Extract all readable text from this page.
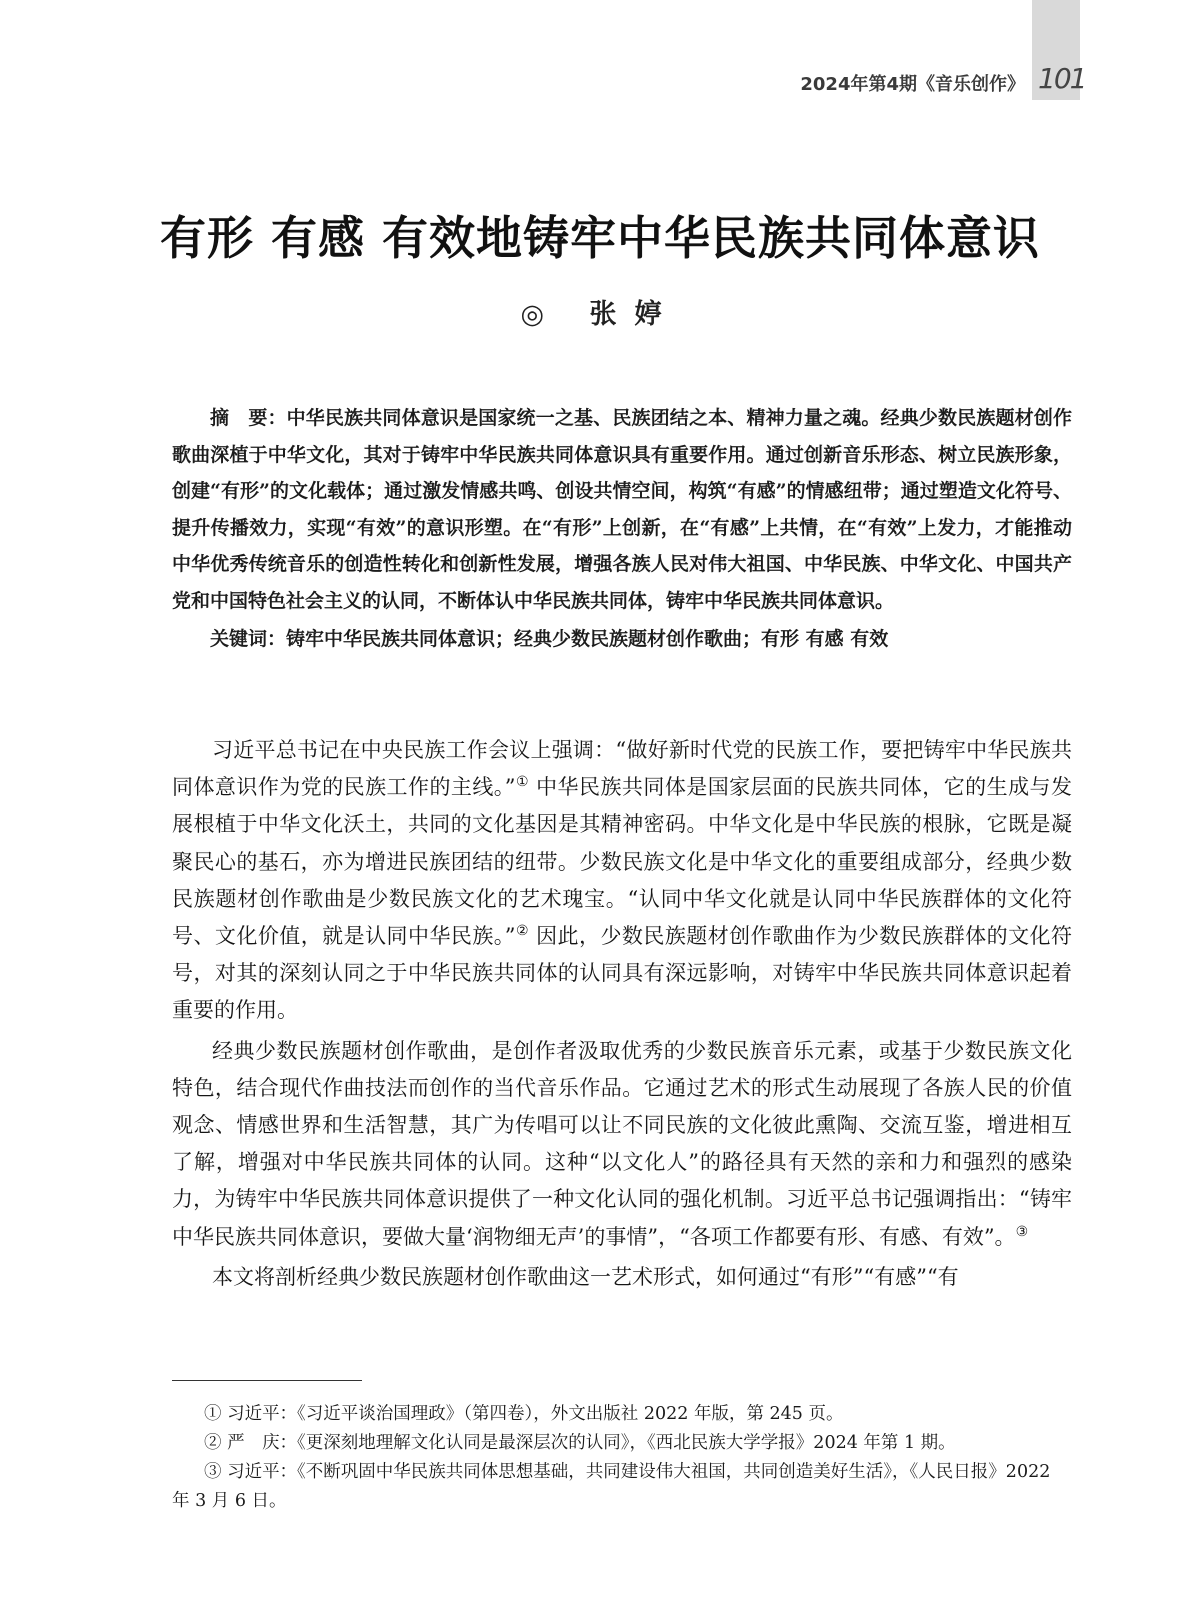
2024年第4期《音乐创作》 101
有形 有感 有效地铸牢中华民族共同体意识
◎ 张婷

摘　要：中华民族共同体意识是国家统一之基、民族团结之本、精神力量之魂。经典少数民族题材创作歌曲深植于中华文化，其对于铸牢中华民族共同体意识具有重要作用。通过创新音乐形态、树立民族形象，创建“有形”的文化载体；通过激发情感共鸣、创设共情空间，构筑“有感”的情感纽带；通过塑造文化符号、提升传播效力，实现“有效”的意识形塑。在“有形”上创新，在“有感”上共情，在“有效”上发力，才能推动中华优秀传统音乐的创造性转化和创新性发展，增强各族人民对伟大祖国、中华民族、中华文化、中国共产党和中国特色社会主义的认同，不断体认中华民族共同体，铸牢中华民族共同体意识。

关键词：铸牢中华民族共同体意识；经典少数民族题材创作歌曲；有形 有感 有效

习近平总书记在中央民族工作会议上强调：“做好新时代党的民族工作，要把铸牢中华民族共同体意识作为党的民族工作的主线。”① 中华民族共同体是国家层面的民族共同体，它的生成与发展根植于中华文化沃土，共同的文化基因是其精神密码。中华文化是中华民族的根脉，它既是凝聚民心的基石，亦为增进民族团结的纽带。少数民族文化是中华文化的重要组成部分，经典少数民族题材创作歌曲是少数民族文化的艺术瑰宝。“认同中华文化就是认同中华民族群体的文化符号、文化价值，就是认同中华民族。”② 因此，少数民族题材创作歌曲作为少数民族群体的文化符号，对其的深刻认同之于中华民族共同体的认同具有深远影响，对铸牢中华民族共同体意识起着重要的作用。

经典少数民族题材创作歌曲，是创作者汲取优秀的少数民族音乐元素，或基于少数民族文化特色，结合现代作曲技法而创作的当代音乐作品。它通过艺术的形式生动展现了各族人民的价值观念、情感世界和生活智慧，其广为传唱可以让不同民族的文化彼此熏陶、交流互鉴，增进相互了解，增强对中华民族共同体的认同。这种“以文化人”的路径具有天然的亲和力和强烈的感染力，为铸牢中华民族共同体意识提供了一种文化认同的强化机制。习近平总书记强调指出：“铸牢中华民族共同体意识，要做大量‘润物细无声’的事情”，“各项工作都要有形、有感、有效”。③

本文将剖析经典少数民族题材创作歌曲这一艺术形式，如何通过“有形”“有感”“有

① 习近平：《习近平谈治国理政》（第四卷），外文出版社 2022 年版，第 245 页。

② 严　庆：《更深刻地理解文化认同是最深层次的认同》，《西北民族大学学报》2024 年第 1 期。

③ 习近平：《不断巩固中华民族共同体思想基础，共同建设伟大祖国，共同创造美好生活》，《人民日报》2022 年 3 月 6 日。
